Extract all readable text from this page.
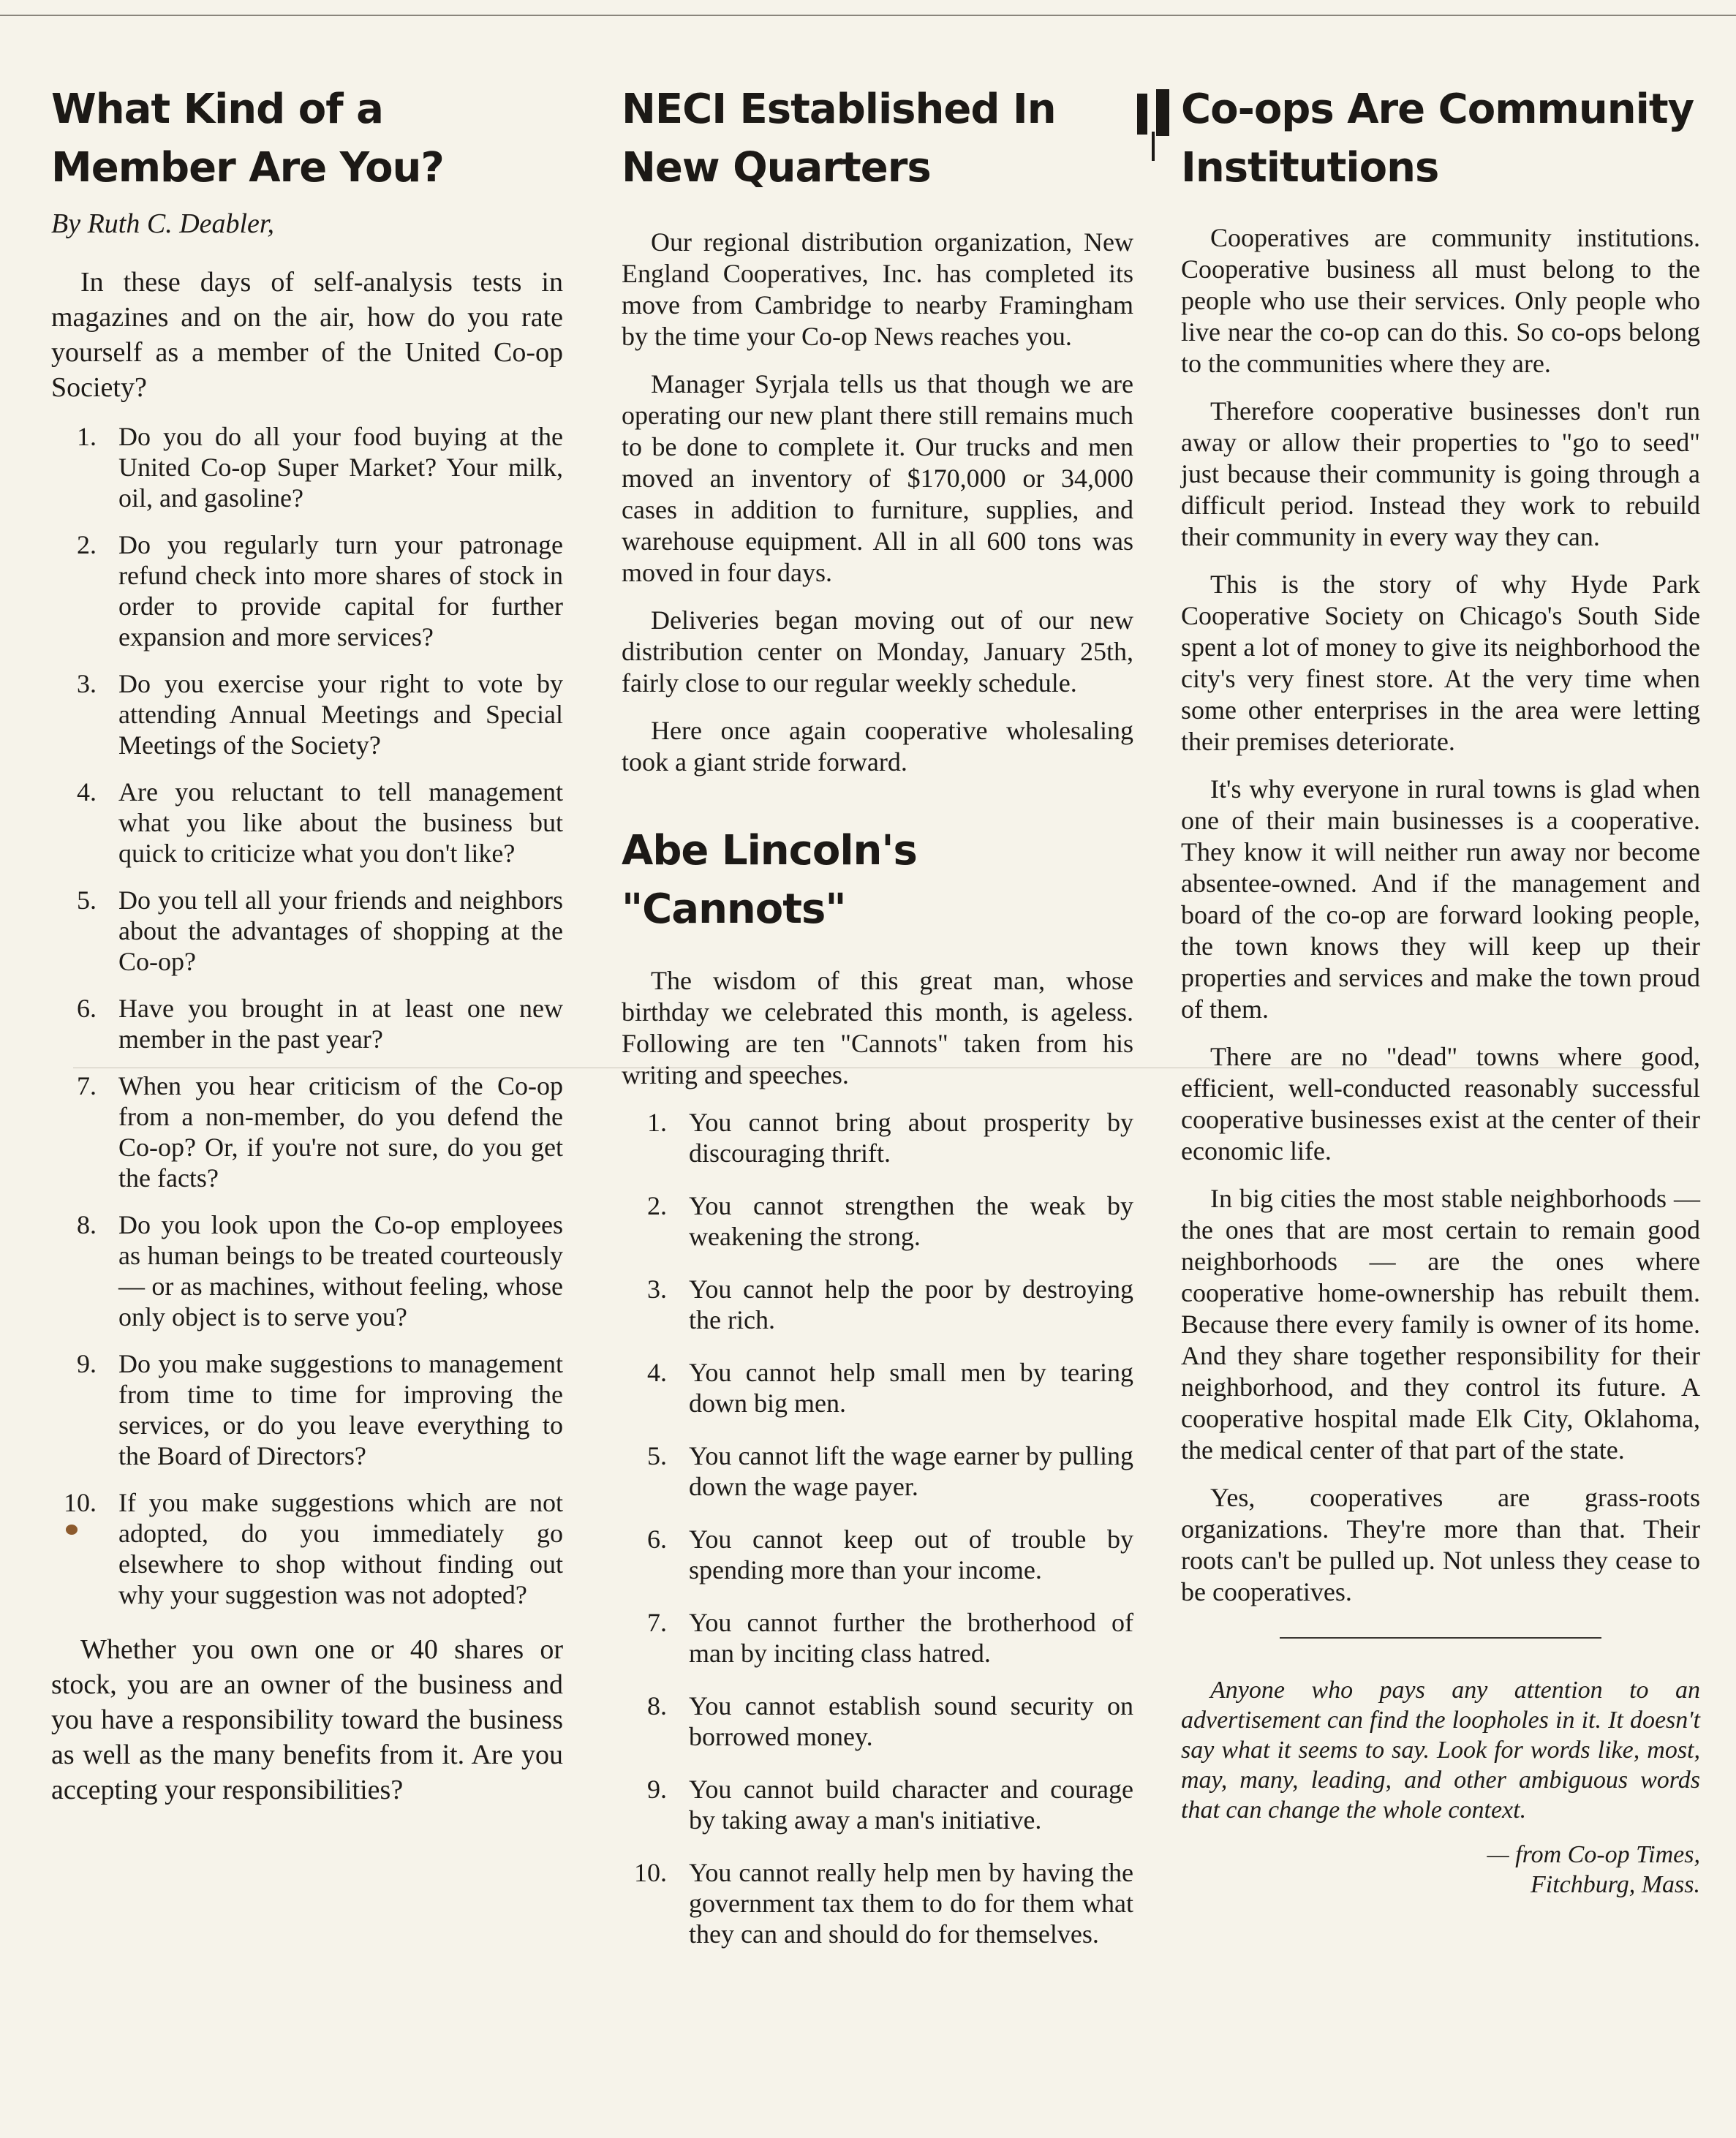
What Kind of a Member Are You?
By Ruth C. Deabler,

In these days of self-analysis tests in magazines and on the air, how do you rate yourself as a member of the United Co-op Society?

1. Do you do all your food buying at the United Co-op Super Market? Your milk, oil, and gasoline?
2. Do you regularly turn your patronage refund check into more shares of stock in order to provide capital for further expansion and more services?
3. Do you exercise your right to vote by attending Annual Meetings and Special Meetings of the Society?
4. Are you reluctant to tell management what you like about the business but quick to criticize what you don't like?
5. Do you tell all your friends and neighbors about the advantages of shopping at the Co-op?
6. Have you brought in at least one new member in the past year?
7. When you hear criticism of the Co-op from a non-member, do you defend the Co-op? Or, if you're not sure, do you get the facts?
8. Do you look upon the Co-op employees as human beings to be treated courteously — or as machines, without feeling, whose only object is to serve you?
9. Do you make suggestions to management from time to time for improving the services, or do you leave everything to the Board of Directors?
10. If you make suggestions which are not adopted, do you immediately go elsewhere to shop without finding out why your suggestion was not adopted?

Whether you own one or 40 shares or stock, you are an owner of the business and you have a responsibility toward the business as well as the many benefits from it. Are you accepting your responsibilities?

NECI Established In New Quarters

Our regional distribution organization, New England Cooperatives, Inc. has completed its move from Cambridge to nearby Framingham by the time your Co-op News reaches you.

Manager Syrjala tells us that though we are operating our new plant there still remains much to be done to complete it. Our trucks and men moved an inventory of $170,000 or 34,000 cases in addition to furniture, supplies, and warehouse equipment. All in all 600 tons was moved in four days.

Deliveries began moving out of our new distribution center on Monday, January 25th, fairly close to our regular weekly schedule.

Here once again cooperative wholesaling took a giant stride forward.

Abe Lincoln's "Cannots"

The wisdom of this great man, whose birthday we celebrated this month, is ageless. Following are ten "Cannots" taken from his writing and speeches.

1. You cannot bring about prosperity by discouraging thrift.
2. You cannot strengthen the weak by weakening the strong.
3. You cannot help the poor by destroying the rich.
4. You cannot help small men by tearing down big men.
5. You cannot lift the wage earner by pulling down the wage payer.
6. You cannot keep out of trouble by spending more than your income.
7. You cannot further the brotherhood of man by inciting class hatred.
8. You cannot establish sound security on borrowed money.
9. You cannot build character and courage by taking away a man's initiative.
10. You cannot really help men by having the government tax them to do for them what they can and should do for themselves.
Co-ops Are Community Institutions

Cooperatives are community institutions. Cooperative business all must belong to the people who use their services. Only people who live near the co-op can do this. So co-ops belong to the communities where they are.

Therefore cooperative businesses don't run away or allow their properties to "go to seed" just because their community is going through a difficult period. Instead they work to rebuild their community in every way they can.

This is the story of why Hyde Park Cooperative Society on Chicago's South Side spent a lot of money to give its neighborhood the city's very finest store. At the very time when some other enterprises in the area were letting their premises deteriorate.

It's why everyone in rural towns is glad when one of their main businesses is a cooperative. They know it will neither run away nor become absentee-owned. And if the management and board of the co-op are forward looking people, the town knows they will keep up their properties and services and make the town proud of them.

There are no "dead" towns where good, efficient, well-conducted reasonably successful cooperative businesses exist at the center of their economic life.

In big cities the most stable neighborhoods — the ones that are most certain to remain good neighborhoods — are the ones where cooperative home-ownership has rebuilt them. Because there every family is owner of its home. And they share together responsibility for their neighborhood, and they control its future. A cooperative hospital made Elk City, Oklahoma, the medical center of that part of the state.

Yes, cooperatives are grass-roots organizations. They're more than that. Their roots can't be pulled up. Not unless they cease to be cooperatives.

Anyone who pays any attention to an advertisement can find the loopholes in it. It doesn't say what it seems to say. Look for words like, most, may, many, leading, and other ambiguous words that can change the whole context.

— from Co-op Times,
Fitchburg, Mass.
